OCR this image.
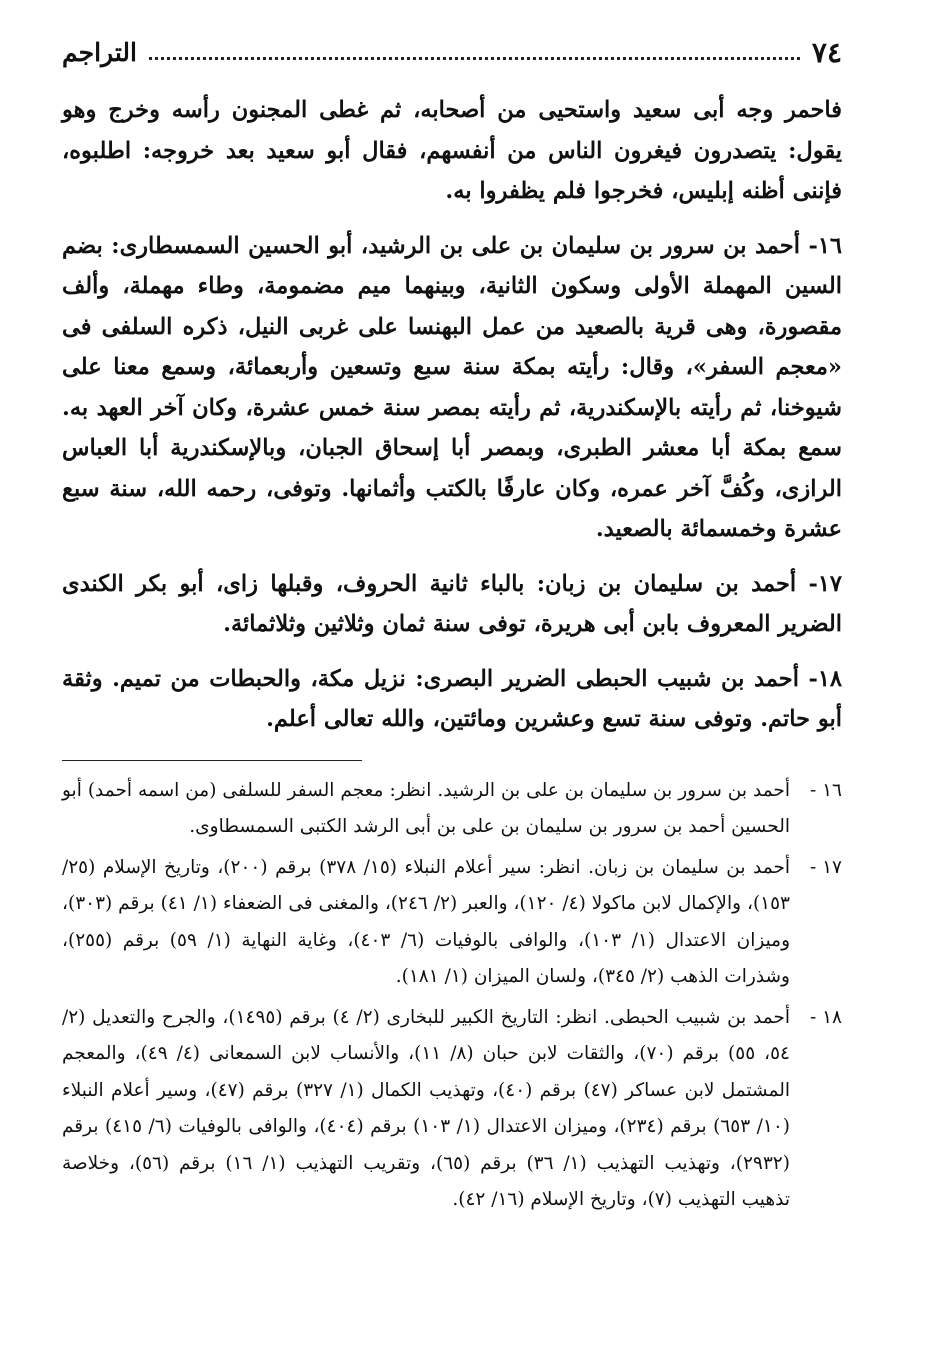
٧٤
التراجم

فاحمر وجه أبى سعيد واستحيى من أصحابه، ثم غطى المجنون رأسه وخرج وهو يقول: يتصدرون فيغرون الناس من أنفسهم، فقال أبو سعيد بعد خروجه: اطلبوه، فإننى أظنه إبليس، فخرجوا فلم يظفروا به.

١٦- أحمد بن سرور بن سليمان بن على بن الرشيد، أبو الحسين السمسطارى: بضم السين المهملة الأولى وسكون الثانية، وبينهما ميم مضمومة، وطاء مهملة، وألف مقصورة، وهى قرية بالصعيد من عمل البهنسا على غربى النيل، ذكره السلفى فى «معجم السفر»، وقال: رأيته بمكة سنة سبع وتسعين وأربعمائة، وسمع معنا على شيوخنا، ثم رأيته بالإسكندرية، ثم رأيته بمصر سنة خمس عشرة، وكان آخر العهد به. سمع بمكة أبا معشر الطبرى، وبمصر أبا إسحاق الجبان، وبالإسكندرية أبا العباس الرازى، وكُفَّ آخر عمره، وكان عارفًا بالكتب وأثمانها. وتوفى، رحمه الله، سنة سبع عشرة وخمسمائة بالصعيد.

١٧- أحمد بن سليمان بن زبان: بالباء ثانية الحروف، وقبلها زاى، أبو بكر الكندى الضرير المعروف بابن أبى هريرة، توفى سنة ثمان وثلاثين وثلاثمائة.

١٨- أحمد بن شبيب الحبطى الضرير البصرى: نزيل مكة، والحبطات من تميم. وثقة أبو حاتم. وتوفى سنة تسع وعشرين ومائتين، والله تعالى أعلم.

١٦ -أحمد بن سرور بن سليمان بن على بن الرشيد. انظر: معجم السفر للسلفى (من اسمه أحمد) أبو الحسين أحمد بن سرور بن سليمان بن على بن أبى الرشد الكتبى السمسطاوى.

١٧ -أحمد بن سليمان بن زبان. انظر: سير أعلام النبلاء (١٥/ ٣٧٨) برقم (٢٠٠)، وتاريخ الإسلام (٢٥/ ١٥٣)، والإكمال لابن ماكولا (٤/ ١٢٠)، والعبر (٢/ ٢٤٦)، والمغنى فى الضعفاء (١/ ٤١) برقم (٣٠٣)، وميزان الاعتدال (١/ ١٠٣)، والوافى بالوفيات (٦/ ٤٠٣)، وغاية النهاية (١/ ٥٩) برقم (٢٥٥)، وشذرات الذهب (٢/ ٣٤٥)، ولسان الميزان (١/ ١٨١).

١٨ -أحمد بن شبيب الحبطى. انظر: التاريخ الكبير للبخارى (٢/ ٤) برقم (١٤٩٥)، والجرح والتعديل (٢/ ٥٤، ٥٥) برقم (٧٠)، والثقات لابن حبان (٨/ ١١)، والأنساب لابن السمعانى (٤/ ٤٩)، والمعجم المشتمل لابن عساكر (٤٧) برقم (٤٠)، وتهذيب الكمال (١/ ٣٢٧) برقم (٤٧)، وسير أعلام النبلاء (١٠/ ٦٥٣) برقم (٢٣٤)، وميزان الاعتدال (١/ ١٠٣) برقم (٤٠٤)، والوافى بالوفيات (٦/ ٤١٥) برقم (٢٩٣٢)، وتهذيب التهذيب (١/ ٣٦) برقم (٦٥)، وتقريب التهذيب (١/ ١٦) برقم (٥٦)، وخلاصة تذهيب التهذيب (٧)، وتاريخ الإسلام (١٦/ ٤٢).
